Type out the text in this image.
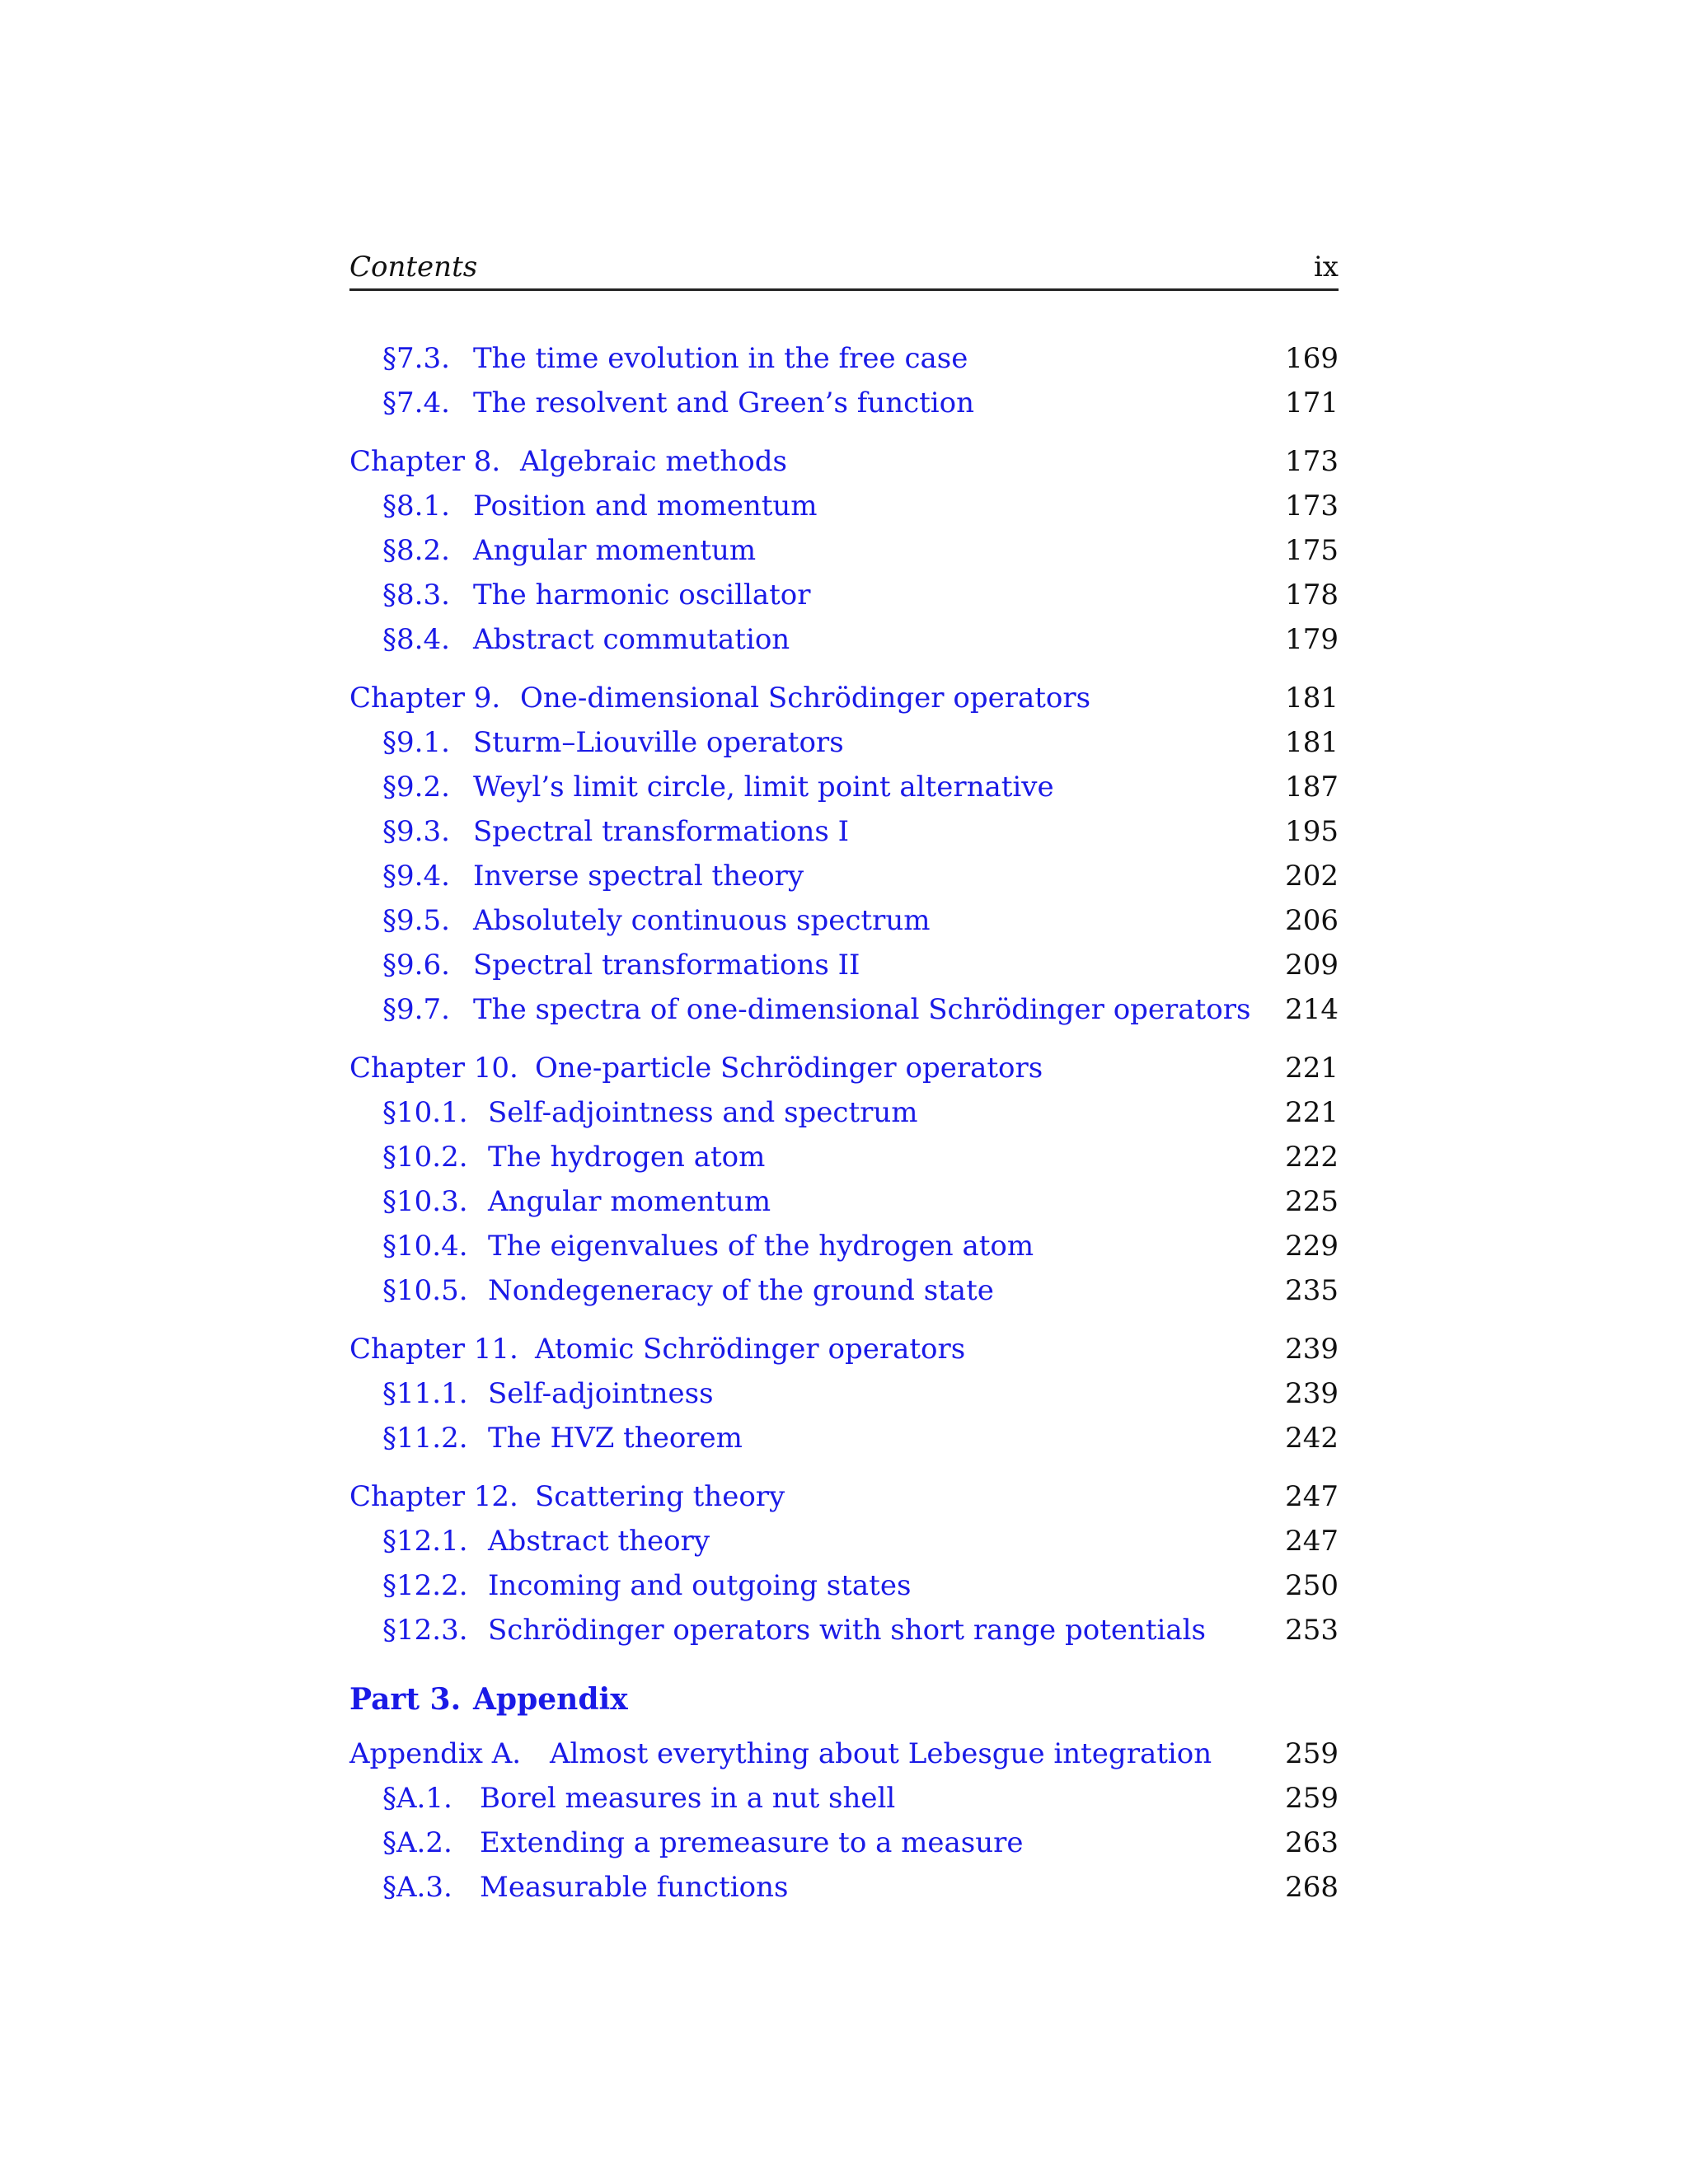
Contents	ix
§7.3. The time evolution in the free case	169
§7.4. The resolvent and Green’s function	171
Chapter 8. Algebraic methods	173
§8.1. Position and momentum	173
§8.2. Angular momentum	175
§8.3. The harmonic oscillator	178
§8.4. Abstract commutation	179
Chapter 9. One-dimensional Schrödinger operators	181
§9.1. Sturm–Liouville operators	181
§9.2. Weyl’s limit circle, limit point alternative	187
§9.3. Spectral transformations I	195
§9.4. Inverse spectral theory	202
§9.5. Absolutely continuous spectrum	206
§9.6. Spectral transformations II	209
§9.7. The spectra of one-dimensional Schrödinger operators 214
Chapter 10. One-particle Schrödinger operators	221
§10.1. Self-adjointness and spectrum	221
§10.2. The hydrogen atom	222
§10.3. Angular momentum	225
§10.4. The eigenvalues of the hydrogen atom	229
§10.5. Nondegeneracy of the ground state	235
Chapter 11. Atomic Schrödinger operators	239
§11.1. Self-adjointness	239
§11.2. The HVZ theorem	242
Chapter 12. Scattering theory	247
§12.1. Abstract theory	247
§12.2. Incoming and outgoing states	250
§12.3. Schrödinger operators with short range potentials	253
Part 3. Appendix
Appendix A. Almost everything about Lebesgue integration	259
§A.1. Borel measures in a nut shell	259
§A.2. Extending a premeasure to a measure	263
§A.3. Measurable functions	268
